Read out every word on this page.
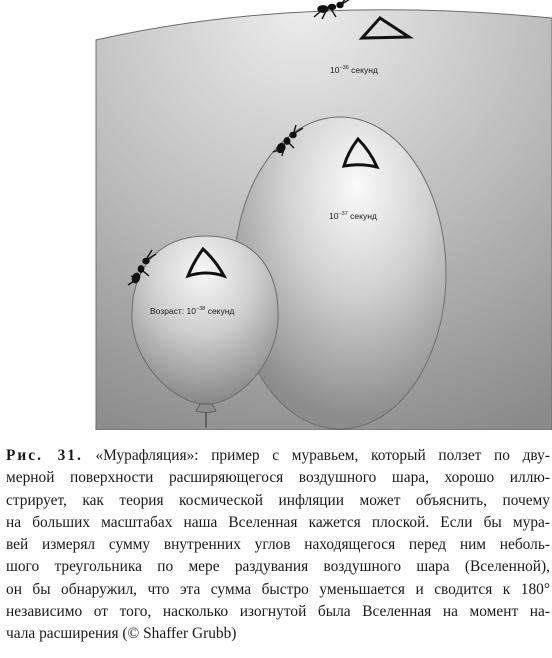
$10^{-36}$ секунд
$10^{-37}$ секунд
Возраст: $10^{-38}$ секунд
Рис. 31. «Мурафляция»: пример с муравьем, который ползет по дву-
мерной поверхности расширяющегося воздушного шара, хорошо иллю-
стрирует, как теория космической инфляции может объяснить, почему
на больших масштабах наша Вселенная кажется плоской. Если бы мура-
вей измерял сумму внутренних углов находящегося перед ним неболь-
шого треугольника по мере раздувания воздушного шара (Вселенной),
он бы обнаружил, что эта сумма быстро уменьшается и сводится к 180°
независимо от того, насколько изогнутой была Вселенная на момент на-
чала расширения (© Shaffer Grubb)
